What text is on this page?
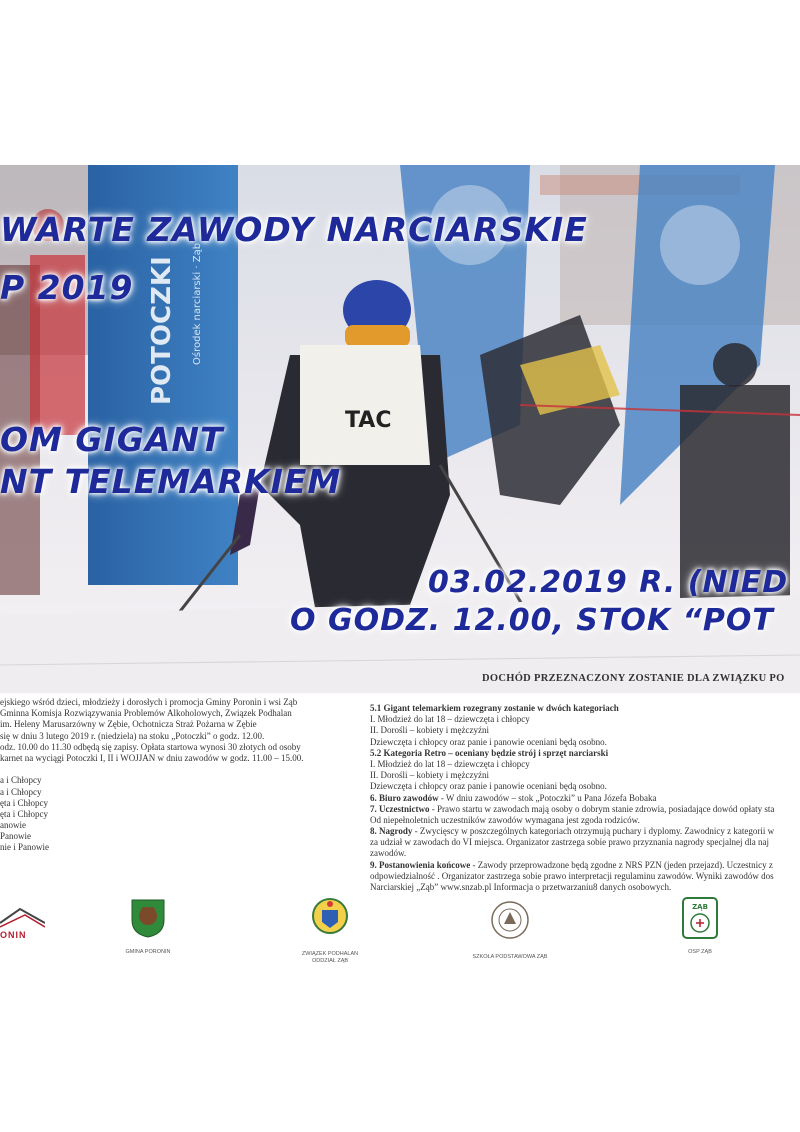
POTOCZKI Ośrodek narciarski · Ząb
TAC
WARTE ZAWODY NARCIARSKIE
P 2019
OM GIGANT
NT TELEMARKIEM
03.02.2019 R. (NIED
O GODZ. 12.00, STOK “POT
DOCHÓD PRZEZNACZONY ZOSTANIE DLA ZWIĄZKU PO
ejskiego wśród dzieci, młodzieży i dorosłych i promocja Gminy Poronin i wsi Ząb
Gminna Komisja Rozwiązywania Problemów Alkoholowych, Związek Podhalan
im. Heleny Marusarzówny w Zębie, Ochotnicza Straż Pożarna w Zębie
się w dniu 3 lutego 2019 r. (niedziela) na stoku „Potoczki” o godz. 12.00.
odz. 10.00 do 11.30 odbędą się zapisy. Opłata startowa wynosi 30 złotych od osoby
karnet na wyciągi Potoczki I, II i WOJJAN w dniu zawodów w godz. 11.00 – 15.00.
a i Chłopcy
a i Chłopcy
ęta i Chłopcy
ęta i Chłopcy
anowie
Panowie
nie i Panowie
5.1 Gigant telemarkiem rozegrany zostanie w dwóch kategoriach
I. Młodzież do lat 18 – dziewczęta i chłopcy
II. Dorośli – kobiety i mężczyźni
Dziewczęta i chłopcy oraz panie i panowie oceniani będą osobno.
5.2 Kategoria Retro – oceniany będzie strój i sprzęt narciarski
I. Młodzież do lat 18 – dziewczęta i chłopcy
II. Dorośli – kobiety i mężczyźni
Dziewczęta i chłopcy oraz panie i panowie oceniani będą osobno.
6. Biuro zawodów - W dniu zawodów – stok „Potoczki” u Pana Józefa Bobaka
7. Uczestnictwo - Prawo startu w zawodach mają osoby o dobrym stanie zdrowia, posiadające dowód opłaty sta
Od niepełnoletnich uczestników zawodów wymagana jest zgoda rodziców.
8. Nagrody - Zwycięscy w poszczególnych kategoriach otrzymują puchary i dyplomy. Zawodnicy z kategorii w
za udział w zawodach do VI miejsca. Organizator zastrzega sobie prawo przyznania nagrody specjalnej dla naj
zawodów.
9. Postanowienia końcowe - Zawody przeprowadzone będą zgodne z NRS PZN (jeden przejazd). Uczestnicy z
odpowiedzialność . Organizator zastrzega sobie prawo interpretacji regulaminu zawodów. Wyniki zawodów dos
Narciarskiej „Ząb” www.snzab.pl Informacja o przetwarzaniu8 danych osobowych.
GMINA PORONIN	ZWIĄZEK PODHALAN
ODDZIAŁ ZĄB
SZKOŁA PODSTAWOWA ZĄB
ZĄB
OSP ZĄB
ONIN
